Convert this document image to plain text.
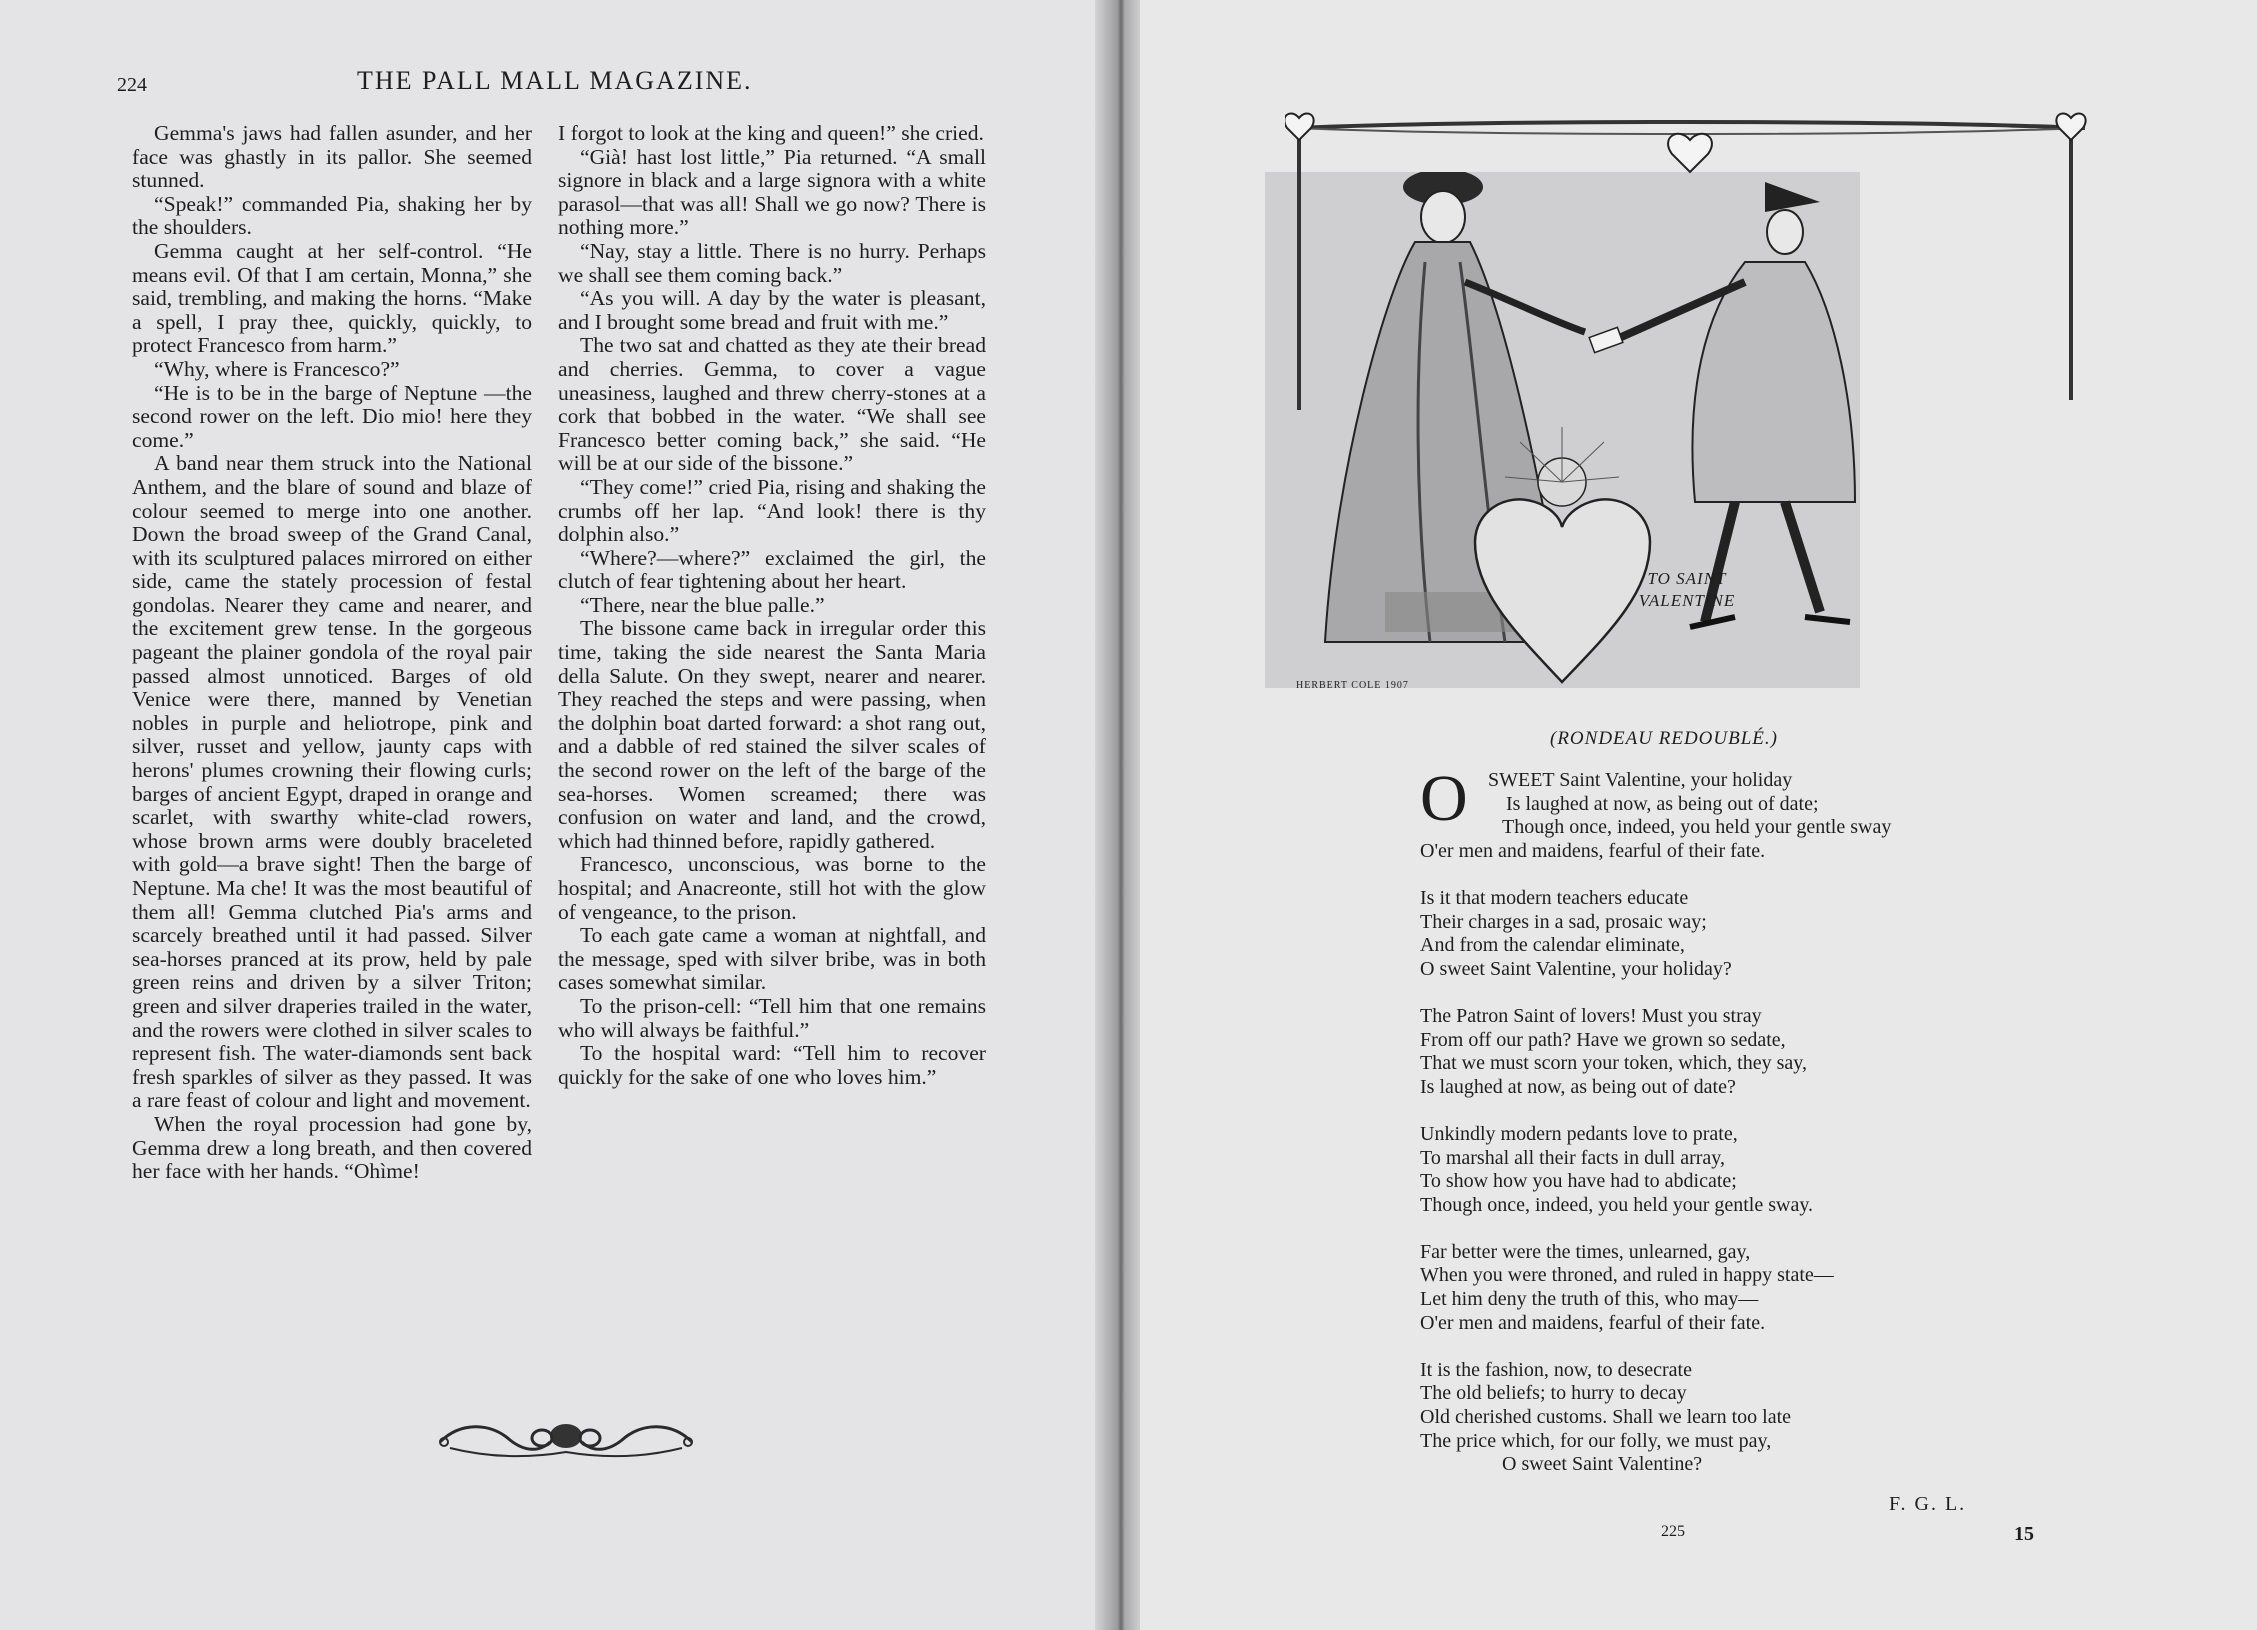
224	THE PALL MALL MAGAZINE.

Gemma's jaws had fallen asunder, and her face was ghastly in its pallor. She seemed stunned.

“Speak!” commanded Pia, shaking her by the shoulders.

Gemma caught at her self-control. “He means evil. Of that I am certain, Monna,” she said, trembling, and making the horns. “Make a spell, I pray thee, quickly, quickly, to protect Francesco from harm.”

“Why, where is Francesco?”

“He is to be in the barge of Neptune —the second rower on the left. Dio mio! here they come.”

A band near them struck into the National Anthem, and the blare of sound and blaze of colour seemed to merge into one another. Down the broad sweep of the Grand Canal, with its sculptured palaces mirrored on either side, came the stately procession of festal gondolas. Nearer they came and nearer, and the excitement grew tense. In the gorgeous pageant the plainer gondola of the royal pair passed almost unnoticed. Barges of old Venice were there, manned by Venetian nobles in purple and heliotrope, pink and silver, russet and yellow, jaunty caps with herons' plumes crowning their flowing curls; barges of ancient Egypt, draped in orange and scarlet, with swarthy white-clad rowers, whose brown arms were doubly braceleted with gold—a brave sight! Then the barge of Neptune. Ma che! It was the most beautiful of them all! Gemma clutched Pia's arms and scarcely breathed until it had passed. Silver sea-horses pranced at its prow, held by pale green reins and driven by a silver Triton; green and silver draperies trailed in the water, and the rowers were clothed in silver scales to represent fish. The water-diamonds sent back fresh sparkles of silver as they passed. It was a rare feast of colour and light and movement.

When the royal procession had gone by, Gemma drew a long breath, and then covered her face with her hands. “Ohìme!

I forgot to look at the king and queen!” she cried.

“Già! hast lost little,” Pia returned. “A small signore in black and a large signora with a white parasol—that was all! Shall we go now? There is nothing more.”

“Nay, stay a little. There is no hurry. Perhaps we shall see them coming back.”

“As you will. A day by the water is pleasant, and I brought some bread and fruit with me.”

The two sat and chatted as they ate their bread and cherries. Gemma, to cover a vague uneasiness, laughed and threw cherry-stones at a cork that bobbed in the water. “We shall see Francesco better coming back,” she said. “He will be at our side of the bissone.”

“They come!” cried Pia, rising and shaking the crumbs off her lap. “And look! there is thy dolphin also.”

“Where?—where?” exclaimed the girl, the clutch of fear tightening about her heart.

“There, near the blue palle.”

The bissone came back in irregular order this time, taking the side nearest the Santa Maria della Salute. On they swept, nearer and nearer. They reached the steps and were passing, when the dolphin boat darted forward: a shot rang out, and a dabble of red stained the silver scales of the second rower on the left of the barge of the sea-horses. Women screamed; there was confusion on water and land, and the crowd, which had thinned before, rapidly gathered.

Francesco, unconscious, was borne to the hospital; and Anacreonte, still hot with the glow of vengeance, to the prison.

To each gate came a woman at nightfall, and the message, sped with silver bribe, was in both cases somewhat similar.

To the prison-cell: “Tell him that one remains who will always be faithful.”

To the hospital ward: “Tell him to recover quickly for the sake of one who loves him.”

HERBERT COLE 1907
TO SAINT
VALENTINE
(RONDEAU REDOUBLÉ.)
O	SWEET Saint Valentine, your holiday
Is laughed at now, as being out of date;
Though once, indeed, you held your gentle sway
O'er men and maidens, fearful of their fate.
Is it that modern teachers educate
Their charges in a sad, prosaic way;
And from the calendar eliminate,
O sweet Saint Valentine, your holiday?
The Patron Saint of lovers! Must you stray
From off our path? Have we grown so sedate,
That we must scorn your token, which, they say,
Is laughed at now, as being out of date?
Unkindly modern pedants love to prate,
To marshal all their facts in dull array,
To show how you have had to abdicate;
Though once, indeed, you held your gentle sway.
Far better were the times, unlearned, gay,
When you were throned, and ruled in happy state—
Let him deny the truth of this, who may—
O'er men and maidens, fearful of their fate.
It is the fashion, now, to desecrate
The old beliefs; to hurry to decay
Old cherished customs. Shall we learn too late
The price which, for our folly, we must pay,
O sweet Saint Valentine?
F. G. L.
225	15
